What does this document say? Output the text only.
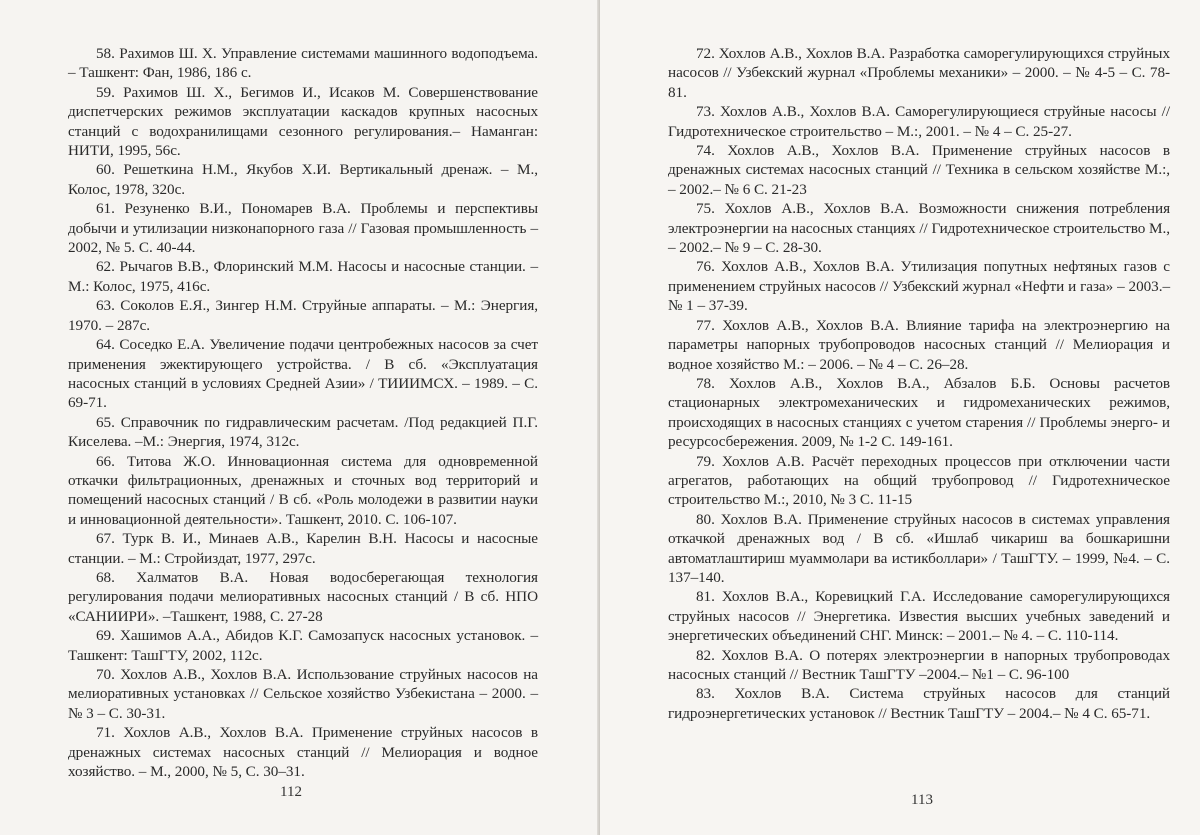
58. Рахимов Ш. Х. Управление системами машинного водоподъема. – Ташкент: Фан, 1986, 186 с.
59. Рахимов Ш. Х., Бегимов И., Исаков М. Совершенствование диспетчерских режимов эксплуатации каскадов крупных насосных станций с водохранилищами сезонного регулирования.– Наманган: НИТИ, 1995, 56с.
60. Решеткина Н.М., Якубов Х.И. Вертикальный дренаж. – М., Колос, 1978, 320с.
61. Резуненко В.И., Пономарев В.А. Проблемы и перспективы добычи и утилизации низконапорного газа // Газовая промышленность – 2002, № 5. С. 40-44.
62. Рычагов В.В., Флоринский М.М. Насосы и насосные станции. – М.: Колос, 1975, 416с.
63. Соколов Е.Я., Зингер Н.М. Струйные аппараты. – М.: Энергия, 1970. – 287с.
64. Соседко Е.А. Увеличение подачи центробежных насосов за счет применения эжектирующего устройства. / В сб. «Эксплуатация насосных станций в условиях Средней Азии» / ТИИИМСХ. – 1989. – С. 69-71.
65. Справочник по гидравлическим расчетам. /Под редакцией П.Г. Киселева. –М.: Энергия, 1974, 312с.
66. Титова Ж.О. Инновационная система для одновременной откачки фильтрационных, дренажных и сточных вод территорий и помещений насосных станций / В сб. «Роль молодежи в развитии науки и инновационной деятельности». Ташкент, 2010. С. 106-107.
67. Турк В. И., Минаев А.В., Карелин В.Н. Насосы и насосные станции. – М.: Стройиздат, 1977, 297с.
68. Халматов В.А. Новая водосберегающая технология регулирования подачи мелиоративных насосных станций / В сб. НПО «САНИИРИ». –Ташкент, 1988, С. 27-28
69. Хашимов А.А., Абидов К.Г. Самозапуск насосных установок. –Ташкент: ТашГТУ, 2002, 112с.
70. Хохлов А.В., Хохлов В.А. Использование струйных насосов на мелиоративных установках // Сельское хозяйство Узбекистана – 2000. – № 3 – С. 30-31.
71. Хохлов А.В., Хохлов В.А. Применение струйных насосов в дренажных системах насосных станций // Мелиорация и водное хозяйство. – М., 2000, № 5, С. 30–31.
112
72. Хохлов А.В., Хохлов В.А. Разработка саморегулирующихся струйных насосов // Узбекский журнал «Проблемы механики» – 2000. – № 4-5 – С. 78-81.
73. Хохлов А.В., Хохлов В.А. Саморегулирующиеся струйные насосы // Гидротехническое строительство – М.:, 2001. – № 4 – С. 25-27.
74. Хохлов А.В., Хохлов В.А. Применение струйных насосов в дренажных системах насосных станций // Техника в сельском хозяйстве М.:, – 2002.– № 6 С. 21-23
75. Хохлов А.В., Хохлов В.А. Возможности снижения потребления электроэнергии на насосных станциях // Гидротехническое строительство М., – 2002.– № 9 – С. 28-30.
76. Хохлов А.В., Хохлов В.А. Утилизация попутных нефтяных газов с применением струйных насосов // Узбекский журнал «Нефти и газа» – 2003.– № 1 – 37-39.
77. Хохлов А.В., Хохлов В.А. Влияние тарифа на электроэнергию на параметры напорных трубопроводов насосных станций // Мелиорация и водное хозяйство М.: – 2006. – № 4 – С. 26–28.
78. Хохлов А.В., Хохлов В.А., Абзалов Б.Б. Основы расчетов стационарных электромеханических и гидромеханических режимов, происходящих в насосных станциях с учетом старения // Проблемы энерго- и ресурсосбережения. 2009, № 1-2 С. 149-161.
79. Хохлов А.В. Расчёт переходных процессов при отключении части агрегатов, работающих на общий трубопровод // Гидротехническое строительство М.:, 2010, № 3 С. 11-15
80. Хохлов В.А. Применение струйных насосов в системах управления откачкой дренажных вод / В сб. «Ишлаб чикариш ва бошкаришни автоматлаштириш муаммолари ва истикболлари» / ТашГТУ. – 1999, №4. – С. 137–140.
81. Хохлов В.А., Коревицкий Г.А. Исследование саморегулирующихся струйных насосов // Энергетика. Известия высших учебных заведений и энергетических объединений СНГ. Минск: – 2001.– № 4. – С. 110-114.
82. Хохлов В.А. О потерях электроэнергии в напорных трубопроводах насосных станций // Вестник ТашГТУ –2004.– №1 – С. 96-100
83. Хохлов В.А. Система струйных насосов для станций гидроэнергетических установок // Вестник ТашГТУ – 2004.– № 4 С. 65-71.
113
